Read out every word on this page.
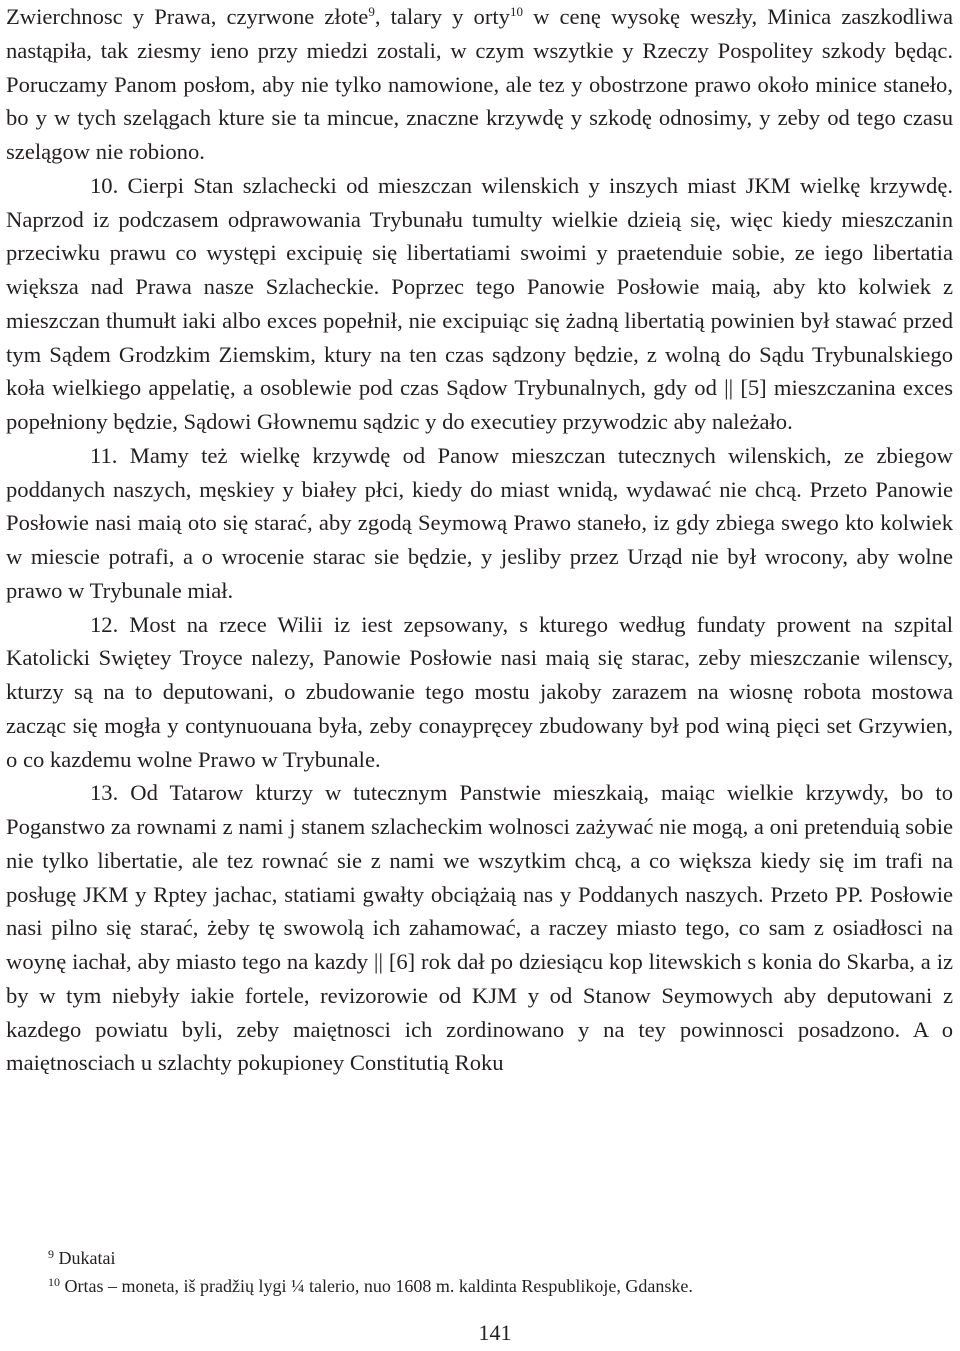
Zwierchnosc y Prawa, czyrwone złote$^9$, talary y orty$^{10}$ w cenę wysokę weszły, Minica zaszkodliwa nastąpiła, tak ziesmy ieno przy miedzi zostali, w czym wszytkie y Rzeczy Pospolitey szkody będąc. Poruczamy Panom posłom, aby nie tylko namowione, ale tez y obostrzone prawo około minice staneło, bo y w tych szelągach kture sie ta mincue, znaczne krzywdę y szkodę odnosimy, y zeby od tego czasu szelągow nie robiono.

10. Cierpi Stan szlachecki od mieszczan wilenskich y inszych miast JKM wielkę krzywdę. Naprzod iz podczasem odprawowania Trybunału tumulty wielkie dzieią się, więc kiedy mieszczanin przeciwku prawu co występi excipuię się libertatiami swoimi y praetenduie sobie, ze iego libertatia większa nad Prawa nasze Szlacheckie. Poprzec tego Panowie Posłowie maią, aby kto kolwiek z mieszczan thumułt iaki albo exces popełnił, nie excipuiąc się żadną libertatią powinien był stawać przed tym Sądem Grodzkim Ziemskim, ktury na ten czas sądzony będzie, z wolną do Sądu Trybunalskiego koła wielkiego appelatię, a osoblewie pod czas Sądow Trybunalnych, gdy od || [5] mieszczanina exces popełniony będzie, Sądowi Głownemu sądzic y do executiey przywodzic aby należało.

11. Mamy też wielkę krzywdę od Panow mieszczan tutecznych wilenskich, ze zbiegow poddanych naszych, męskiey y białey płci, kiedy do miast wnidą, wydawać nie chcą. Przeto Panowie Posłowie nasi maią oto się starać, aby zgodą Seymową Prawo staneło, iz gdy zbiega swego kto kolwiek w miescie potrafi, a o wrocenie starac sie będzie, y jesliby przez Urząd nie był wrocony, aby wolne prawo w Trybunale miał.

12. Most na rzece Wilii iz iest zepsowany, s kturego według fundaty prowent na szpital Katolicki Swiętey Troyce nalezy, Panowie Posłowie nasi maią się starac, zeby mieszczanie wilenscy, kturzy są na to deputowani, o zbudowanie tego mostu jakoby zarazem na wiosnę robota mostowa zacząc się mogła y contynuouana była, zeby conaypręcey zbudowany był pod winą pięci set Grzywien, o co kazdemu wolne Prawo w Trybunale.

13. Od Tatarow kturzy w tutecznym Panstwie mieszkaią, maiąc wielkie krzywdy, bo to Poganstwo za rownami z nami j stanem szlacheckim wolnosci zażywać nie mogą, a oni pretenduią sobie nie tylko libertatie, ale tez rownać sie z nami we wszytkim chcą, a co większa kiedy się im trafi na posługę JKM y Rptey jachac, statiami gwałty obciążaią nas y Poddanych naszych. Przeto PP. Posłowie nasi pilno się starać, żeby tę swowolą ich zahamować, a raczey miasto tego, co sam z osiadłosci na woynę iachał, aby miasto tego na kazdy || [6] rok dał po dziesiącu kop litewskich s konia do Skarba, a iz by w tym niebyły iakie fortele, revizorowie od KJM y od Stanow Seymowych aby deputowani z kazdego powiatu byli, zeby maiętnosci ich zordinowano y na tey powinnosci posadzono. A o maiętnosciach u szlachty pokupioney Constitutią Roku

$^9$ Dukatai

$^{10}$ Ortas – moneta, iš pradžių lygi ¼ talerio, nuo 1608 m. kaldinta Respublikoje, Gdanske.

141
